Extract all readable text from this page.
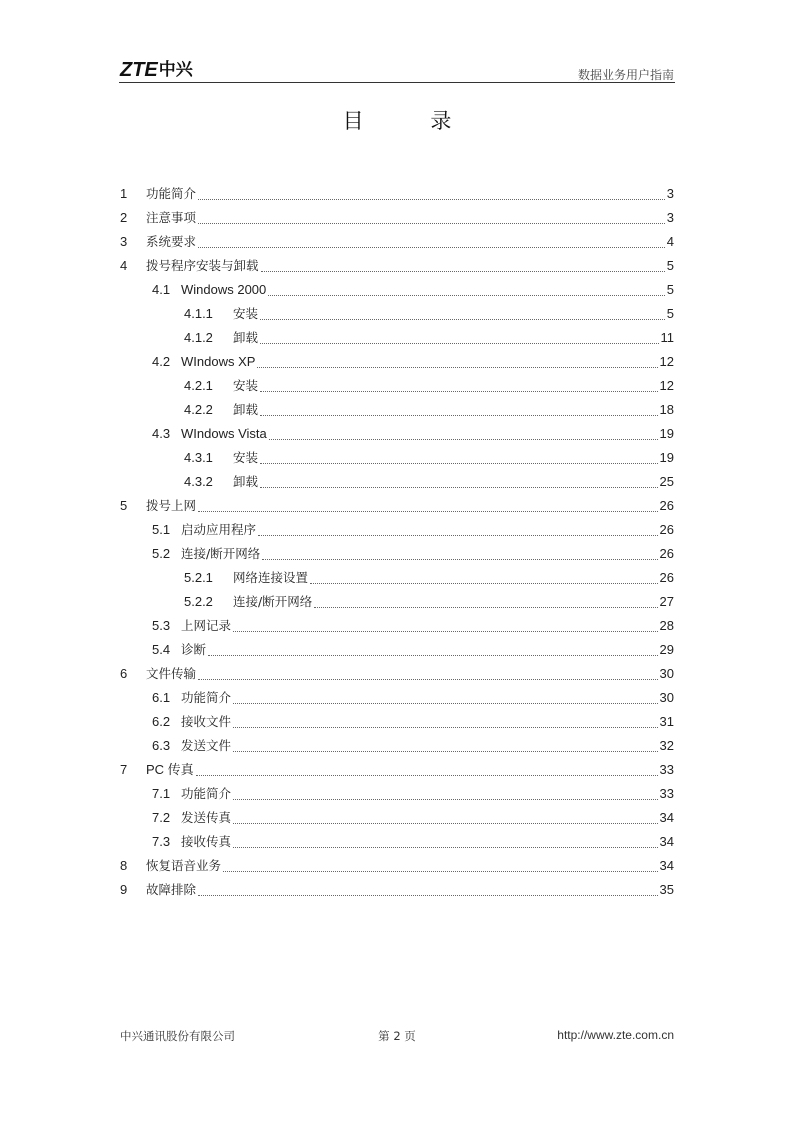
ZTE 中兴	数据业务用户指南
目 录
1 功能简介	3
2 注意事项	3
3 系统要求	4
4 拨号程序安装与卸载	5
4.1 Windows 2000	5
4.1.1 安装	5
4.1.2 卸载	11
4.2 WIndows XP	12
4.2.1 安装	12
4.2.2 卸载	18
4.3 WIndows Vista	19
4.3.1 安装	19
4.3.2 卸载	25
5 拨号上网	26
5.1 启动应用程序	26
5.2 连接/断开网络	26
5.2.1 网络连接设置	26
5.2.2 连接/断开网络	27
5.3 上网记录	28
5.4 诊断	29
6 文件传输	30
6.1 功能简介	30
6.2 接收文件	31
6.3 发送文件	32
7 PC 传真	33
7.1 功能简介	33
7.2 发送传真	34
7.3 接收传真	34
8 恢复语音业务	34
9 故障排除	35
中兴通讯股份有限公司	第 2 页	http://www.zte.com.cn
